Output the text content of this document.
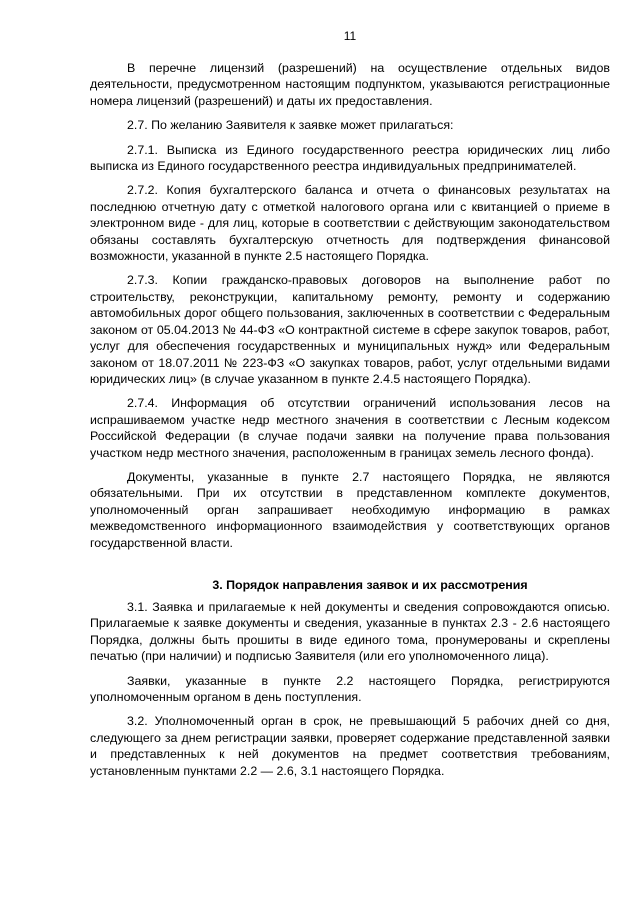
11

В перечне лицензий (разрешений) на осуществление отдельных видов деятельности, предусмотренном настоящим подпунктом, указываются регистрационные номера лицензий (разрешений) и даты их предоставления.

2.7. По желанию Заявителя к заявке может прилагаться:

2.7.1. Выписка из Единого государственного реестра юридических лиц либо выписка из Единого государственного реестра индивидуальных предпринимателей.

2.7.2. Копия бухгалтерского баланса и отчета о финансовых результатах на последнюю отчетную дату с отметкой налогового органа или с квитанцией о приеме в электронном виде - для лиц, которые в соответствии с действующим законодательством обязаны составлять бухгалтерскую отчетность для подтверждения финансовой возможности, указанной в пункте 2.5 настоящего Порядка.

2.7.3. Копии гражданско-правовых договоров на выполнение работ по строительству, реконструкции, капитальному ремонту, ремонту и содержанию автомобильных дорог общего пользования, заключенных в соответствии с Федеральным законом от 05.04.2013 № 44-ФЗ «О контрактной системе в сфере закупок товаров, работ, услуг для обеспечения государственных и муниципальных нужд» или Федеральным законом от 18.07.2011 № 223-ФЗ «О закупках товаров, работ, услуг отдельными видами юридических лиц» (в случае указанном в пункте 2.4.5 настоящего Порядка).

2.7.4. Информация об отсутствии ограничений использования лесов на испрашиваемом участке недр местного значения в соответствии с Лесным кодексом Российской Федерации (в случае подачи заявки на получение права пользования участком недр местного значения, расположенным в границах земель лесного фонда).

Документы, указанные в пункте 2.7 настоящего Порядка, не являются обязательными. При их отсутствии в представленном комплекте документов, уполномоченный орган запрашивает необходимую информацию в рамках межведомственного информационного взаимодействия у соответствующих органов государственной власти.

3. Порядок направления заявок и их рассмотрения

3.1. Заявка и прилагаемые к ней документы и сведения сопровождаются описью. Прилагаемые к заявке документы и сведения, указанные в пунктах 2.3 - 2.6 настоящего Порядка, должны быть прошиты в виде единого тома, пронумерованы и скреплены печатью (при наличии) и подписью Заявителя (или его уполномоченного лица).

Заявки, указанные в пункте 2.2 настоящего Порядка, регистрируются уполномоченным органом в день поступления.

3.2. Уполномоченный орган в срок, не превышающий 5 рабочих дней со дня, следующего за днем регистрации заявки, проверяет содержание представленной заявки и представленных к ней документов на предмет соответствия требованиям, установленным пунктами 2.2 — 2.6, 3.1 настоящего Порядка.
